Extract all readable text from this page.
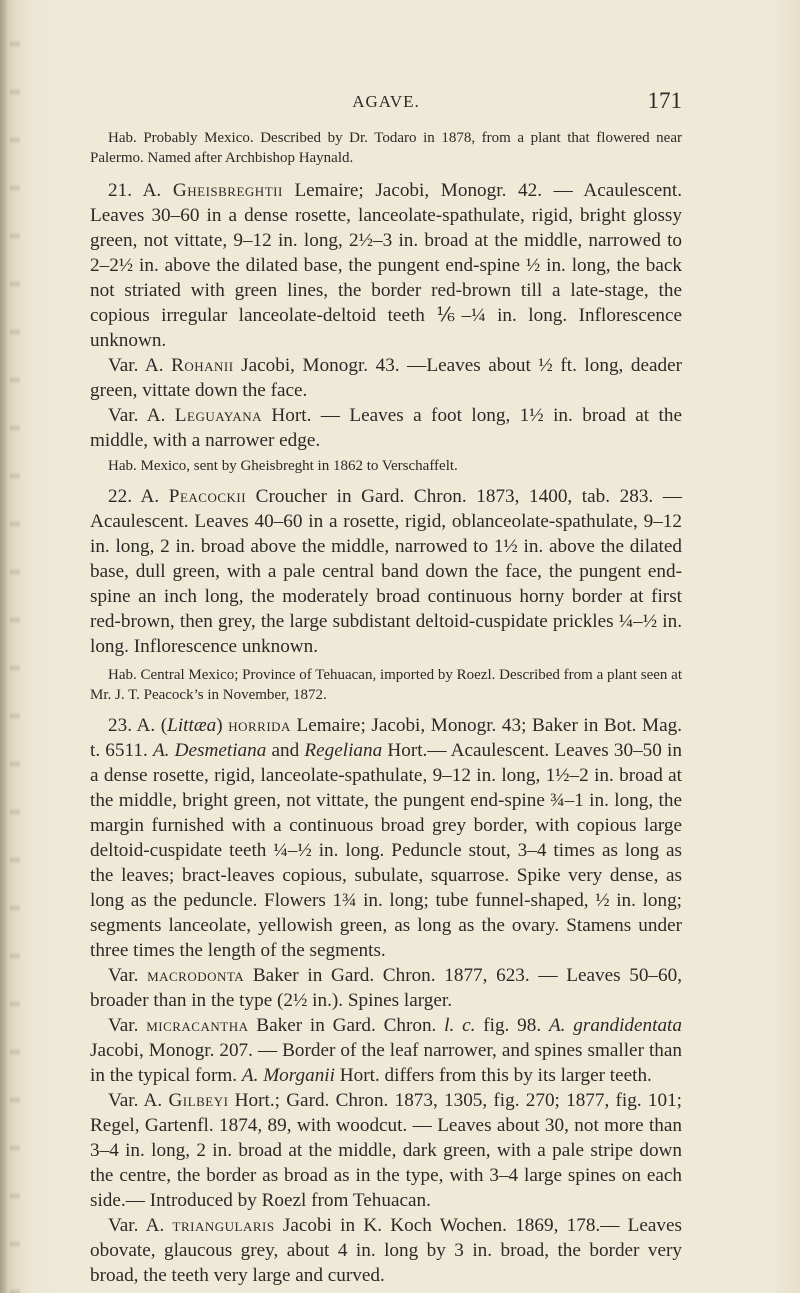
AGAVE.	171

Hab. Probably Mexico. Described by Dr. Todaro in 1878, from a plant that flowered near Palermo. Named after Archbishop Haynald.

21. A. Gheisbreghtii Lemaire; Jacobi, Monogr. 42. — Acaulescent. Leaves 30–60 in a dense rosette, lanceolate-spathulate, rigid, bright glossy green, not vittate, 9–12 in. long, 2½–3 in. broad at the middle, narrowed to 2–2½ in. above the dilated base, the pungent end-spine ½ in. long, the back not striated with green lines, the border red-brown till a late-stage, the copious irregular lanceolate-deltoid teeth ⅙–¼ in. long. Inflorescence unknown.

Var. A. Rohanii Jacobi, Monogr. 43. —Leaves about ½ ft. long, deader green, vittate down the face.

Var. A. Leguayana Hort. — Leaves a foot long, 1½ in. broad at the middle, with a narrower edge.

Hab. Mexico, sent by Gheisbreght in 1862 to Verschaffelt.

22. A. Peacockii Croucher in Gard. Chron. 1873, 1400, tab. 283. —Acaulescent. Leaves 40–60 in a rosette, rigid, oblanceolate-spathulate, 9–12 in. long, 2 in. broad above the middle, narrowed to 1½ in. above the dilated base, dull green, with a pale central band down the face, the pungent end-spine an inch long, the moderately broad continuous horny border at first red-brown, then grey, the large subdistant deltoid-cuspidate prickles ¼–½ in. long. Inflorescence unknown.

Hab. Central Mexico; Province of Tehuacan, imported by Roezl. Described from a plant seen at Mr. J. T. Peacock’s in November, 1872.

23. A. (Littæa) horrida Lemaire; Jacobi, Monogr. 43; Baker in Bot. Mag. t. 6511. A. Desmetiana and Regeliana Hort.— Acaulescent. Leaves 30–50 in a dense rosette, rigid, lanceolate-spathulate, 9–12 in. long, 1½–2 in. broad at the middle, bright green, not vittate, the pungent end-spine ¾–1 in. long, the margin furnished with a continuous broad grey border, with copious large deltoid-cuspidate teeth ¼–½ in. long. Peduncle stout, 3–4 times as long as the leaves; bract-leaves copious, subulate, squarrose. Spike very dense, as long as the peduncle. Flowers 1¾ in. long; tube funnel-shaped, ½ in. long; segments lanceolate, yellowish green, as long as the ovary. Stamens under three times the length of the segments.

Var. macrodonta Baker in Gard. Chron. 1877, 623. — Leaves 50–60, broader than in the type (2½ in.). Spines larger.

Var. micracantha Baker in Gard. Chron. l. c. fig. 98. A. grandidentata Jacobi, Monogr. 207. — Border of the leaf narrower, and spines smaller than in the typical form. A. Morganii Hort. differs from this by its larger teeth.

Var. A. Gilbeyi Hort.; Gard. Chron. 1873, 1305, fig. 270; 1877, fig. 101; Regel, Gartenfl. 1874, 89, with woodcut. — Leaves about 30, not more than 3–4 in. long, 2 in. broad at the middle, dark green, with a pale stripe down the centre, the border as broad as in the type, with 3–4 large spines on each side.— Introduced by Roezl from Tehuacan.

Var. A. triangularis Jacobi in K. Koch Wochen. 1869, 178.— Leaves obovate, glaucous grey, about 4 in. long by 3 in. broad, the border very broad, the teeth very large and curved.
